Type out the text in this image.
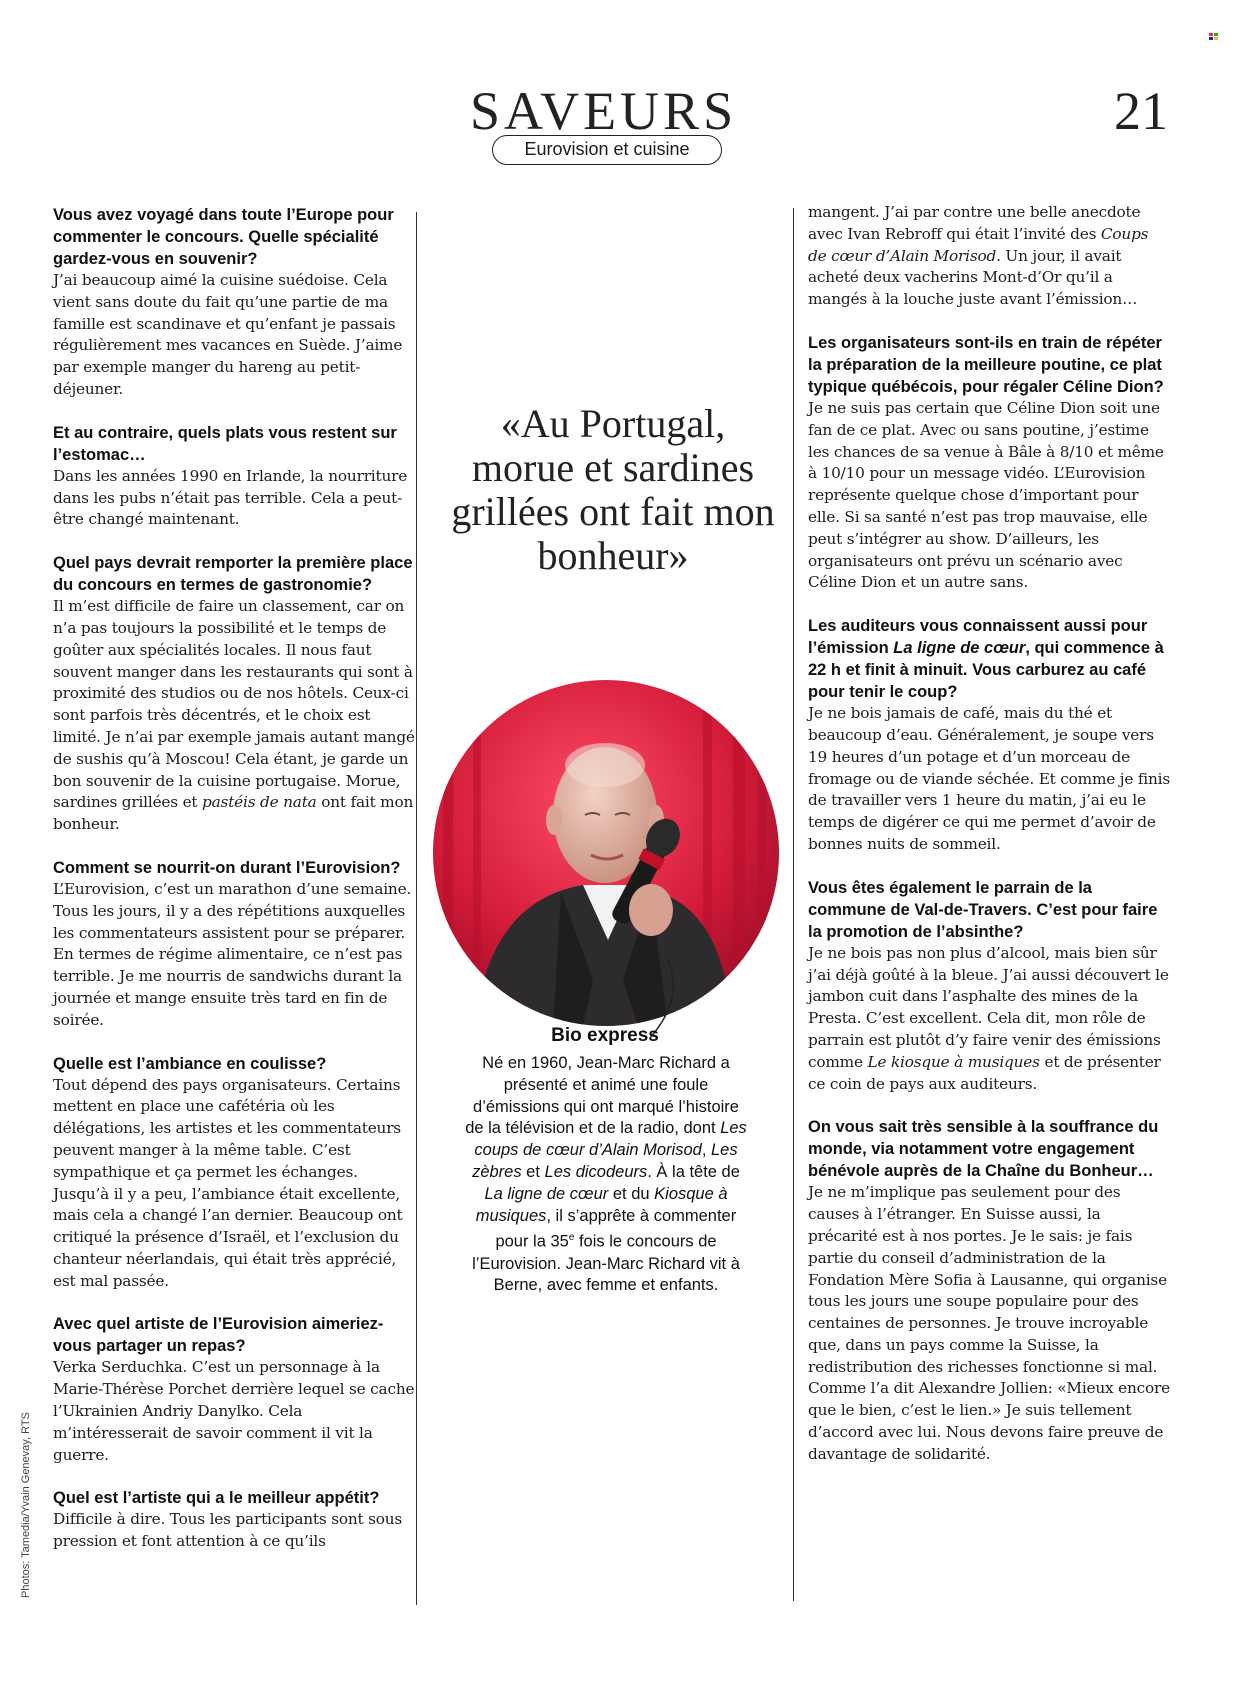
SAVEURS	21
Eurovision et cuisine

Vous avez voyagé dans toute l’Europe pour commenter le concours. Quelle spécialité gardez-vous en souvenir?

J’ai beaucoup aimé la cuisine suédoise. Cela vient sans doute du fait qu’une partie de ma famille est scandinave et qu’enfant je passais régulièrement mes vacances en Suède. J’aime par exemple manger du hareng au petit-déjeuner.

Et au contraire, quels plats vous restent sur l’estomac…

Dans les années 1990 en Irlande, la nourriture dans les pubs n’était pas terrible. Cela a peut-être changé maintenant.

Quel pays devrait remporter la première place du concours en termes de gastronomie?

Il m’est difficile de faire un classement, car on n’a pas toujours la possibilité et le temps de goûter aux spécialités locales. Il nous faut souvent manger dans les restaurants qui sont à proximité des studios ou de nos hôtels. Ceux-ci sont parfois très décentrés, et le choix est limité. Je n’ai par exemple jamais autant mangé de sushis qu’à Moscou! Cela étant, je garde un bon souvenir de la cuisine portugaise. Morue, sardines grillées et pastéis de nata ont fait mon bonheur.

Comment se nourrit-on durant l’Eurovision?

L’Eurovision, c’est un marathon d’une semaine. Tous les jours, il y a des répétitions auxquelles les commentateurs assistent pour se préparer. En termes de régime alimentaire, ce n’est pas terrible. Je me nourris de sandwichs durant la journée et mange ensuite très tard en fin de soirée.

Quelle est l’ambiance en coulisse?

Tout dépend des pays organisateurs. Certains mettent en place une cafétéria où les délégations, les artistes et les commentateurs peuvent manger à la même table. C’est sympathique et ça permet les échanges. Jusqu’à il y a peu, l’ambiance était excellente, mais cela a changé l’an dernier. Beaucoup ont critiqué la présence d’Israël, et l’exclusion du chanteur néerlandais, qui était très apprécié, est mal passée.

Avec quel artiste de l’Eurovision aimeriez-vous partager un repas?

Verka Serduchka. C’est un personnage à la Marie-Thérèse Porchet derrière lequel se cache l’Ukrainien Andriy Danylko. Cela m’intéresserait de savoir comment il vit la guerre.

Quel est l’artiste qui a le meilleur appétit?

Difficile à dire. Tous les participants sont sous pression et font attention à ce qu’ils

«Au Portugal, morue et sardines grillées ont fait mon bonheur»
Bio express
Né en 1960, Jean-Marc Richard a présenté et animé une foule d’émissions qui ont marqué l’histoire de la télévision et de la radio, dont Les coups de cœur d’Alain Morisod, Les zèbres et Les dicodeurs. À la tête de La ligne de cœur et du Kiosque à musiques, il s’apprête à commenter pour la 35e fois le concours de l’Eurovision. Jean-Marc Richard vit à Berne, avec femme et enfants.

mangent. J’ai par contre une belle anecdote avec Ivan Rebroff qui était l’invité des Coups de cœur d’Alain Morisod. Un jour, il avait acheté deux vacherins Mont-d’Or qu’il a mangés à la louche juste avant l’émission…

Les organisateurs sont-ils en train de répéter la préparation de la meilleure poutine, ce plat typique québécois, pour régaler Céline Dion?

Je ne suis pas certain que Céline Dion soit une fan de ce plat. Avec ou sans poutine, j’estime les chances de sa venue à Bâle à 8/10 et même à 10/10 pour un message vidéo. L’Eurovision représente quelque chose d’important pour elle. Si sa santé n’est pas trop mauvaise, elle peut s’intégrer au show. D’ailleurs, les organisateurs ont prévu un scénario avec Céline Dion et un autre sans.

Les auditeurs vous connaissent aussi pour l’émission La ligne de cœur, qui commence à 22 h et finit à minuit. Vous carburez au café pour tenir le coup?

Je ne bois jamais de café, mais du thé et beaucoup d’eau. Généralement, je soupe vers 19 heures d’un potage et d’un morceau de fromage ou de viande séchée. Et comme je finis de travailler vers 1 heure du matin, j’ai eu le temps de digérer ce qui me permet d’avoir de bonnes nuits de sommeil.

Vous êtes également le parrain de la commune de Val-de-Travers. C’est pour faire la promotion de l’absinthe?

Je ne bois pas non plus d’alcool, mais bien sûr j’ai déjà goûté à la bleue. J’ai aussi découvert le jambon cuit dans l’asphalte des mines de la Presta. C’est excellent. Cela dit, mon rôle de parrain est plutôt d’y faire venir des émissions comme Le kiosque à musiques et de présenter ce coin de pays aux auditeurs.

On vous sait très sensible à la souffrance du monde, via notamment votre engagement bénévole auprès de la Chaîne du Bonheur…

Je ne m’implique pas seulement pour des causes à l’étranger. En Suisse aussi, la précarité est à nos portes. Je le sais: je fais partie du conseil d’administration de la Fondation Mère Sofia à Lausanne, qui organise tous les jours une soupe populaire pour des centaines de personnes. Je trouve incroyable que, dans un pays comme la Suisse, la redistribution des richesses fonctionne si mal. Comme l’a dit Alexandre Jollien: «Mieux encore que le bien, c’est le lien.» Je suis tellement d’accord avec lui. Nous devons faire preuve de davantage de solidarité.

Photos: Tamedia/Yvain Genevay, RTS
